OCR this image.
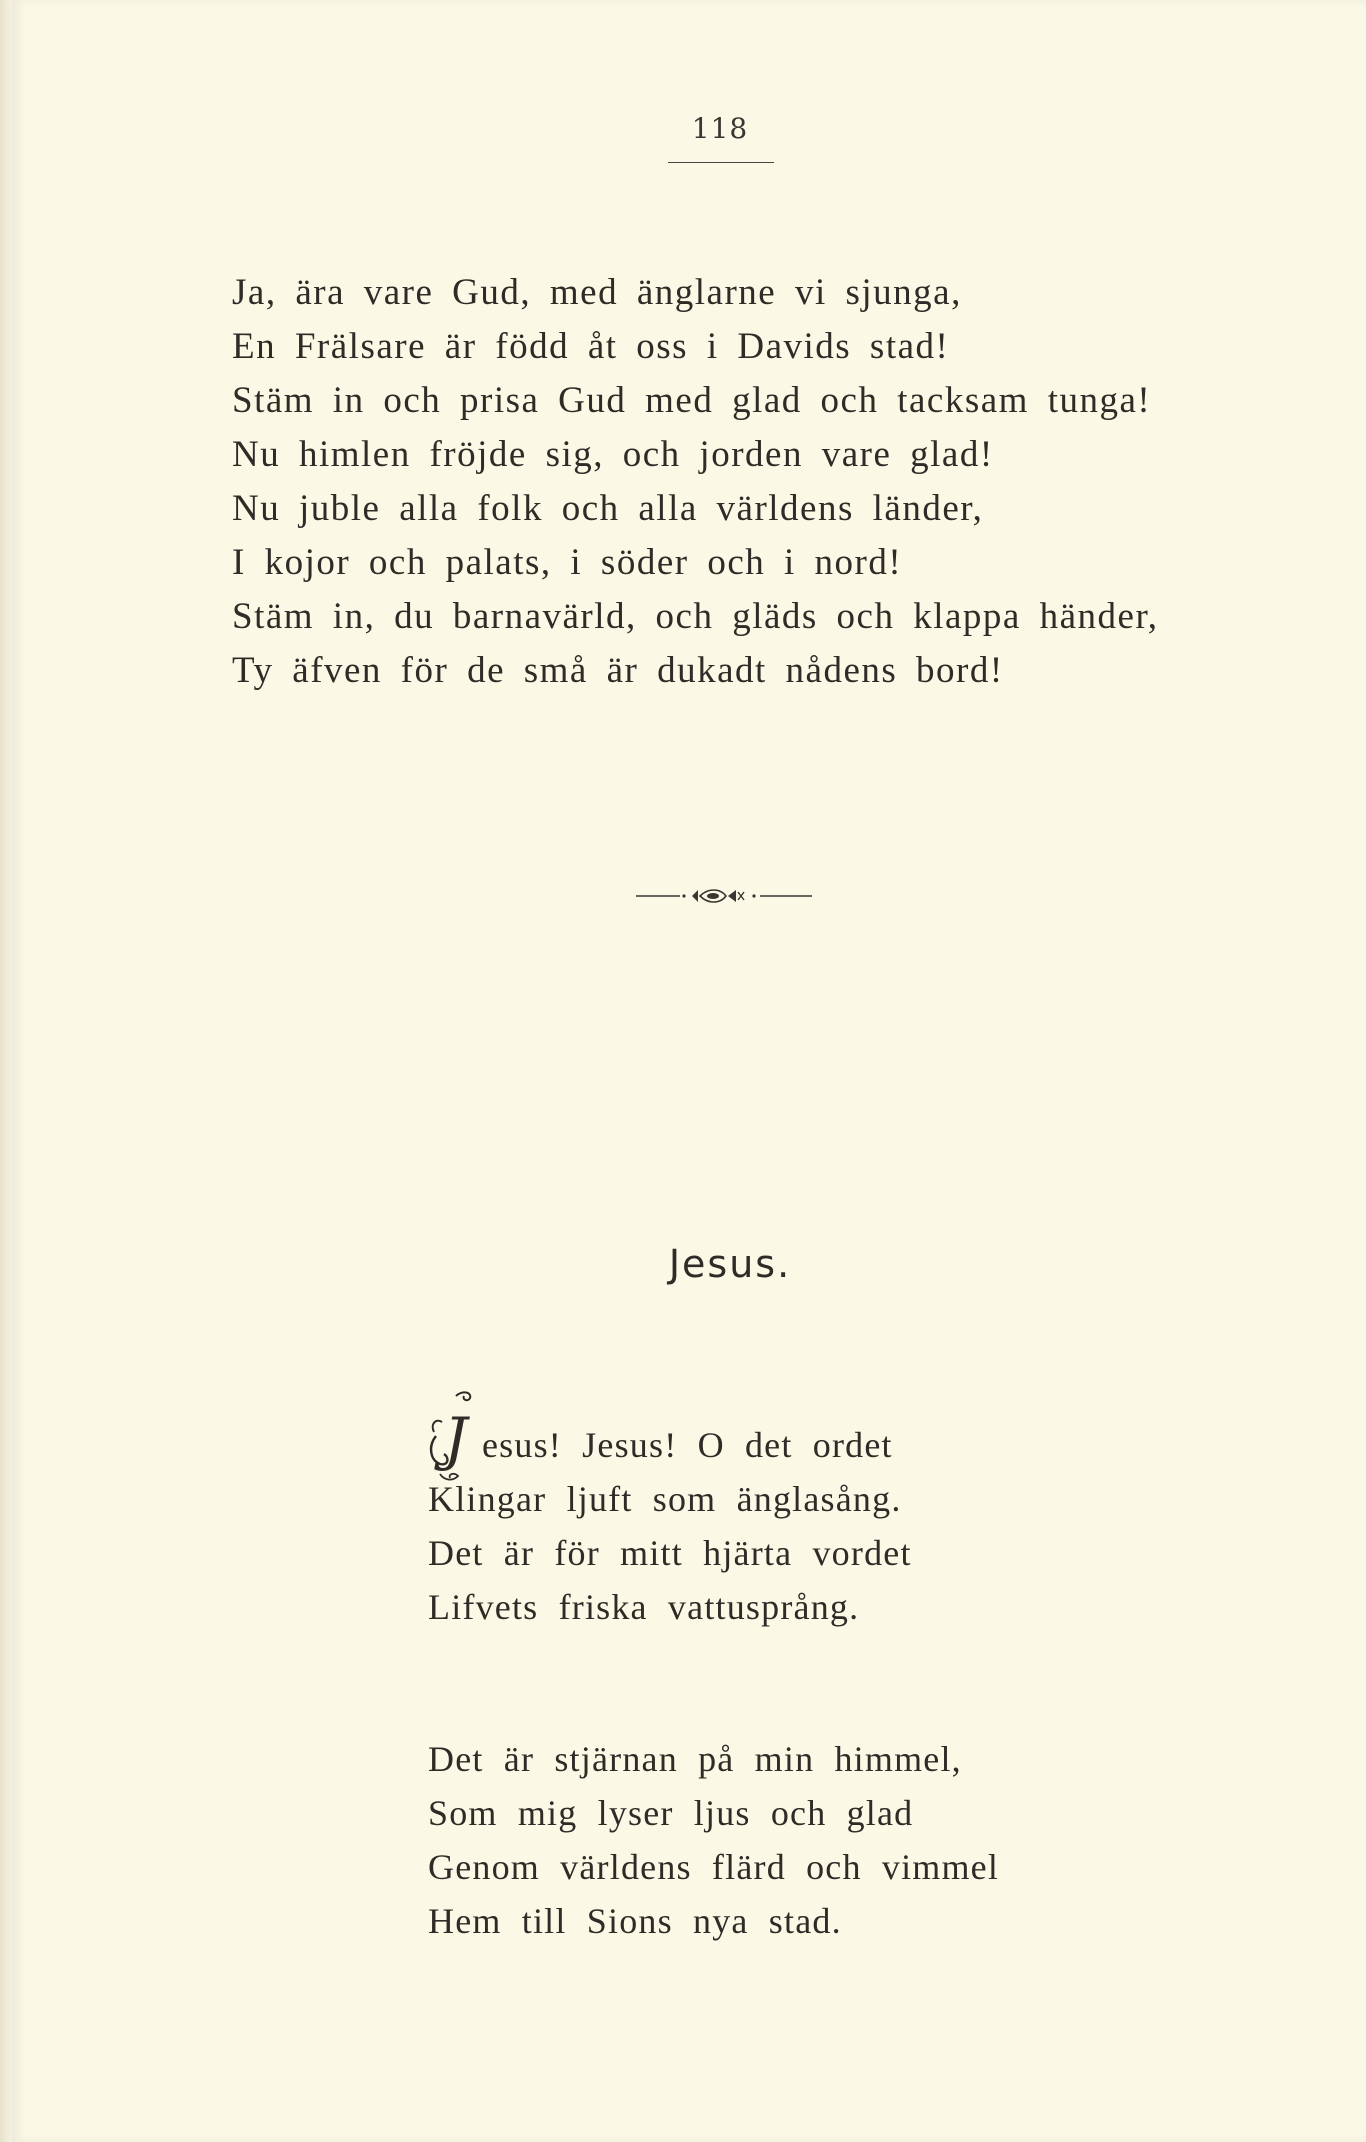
118
Ja, ära vare Gud, med änglarne vi sjunga,
En Frälsare är född åt oss i Davids stad!
Stäm in och prisa Gud med glad och tacksam tunga!
Nu himlen fröjde sig, och jorden vare glad!
Nu juble alla folk och alla världens länder,
I kojor och palats, i söder och i nord!
Stäm in, du barnavärld, och gläds och klappa händer,
Ty äfven för de små är dukadt nådens bord!
Jesus.
J esus! Jesus! O det ordet
Klingar ljuft som änglasång.
Det är för mitt hjärta vordet
Lifvets friska vattusprång.
Det är stjärnan på min himmel,
Som mig lyser ljus och glad
Genom världens flärd och vimmel
Hem till Sions nya stad.
